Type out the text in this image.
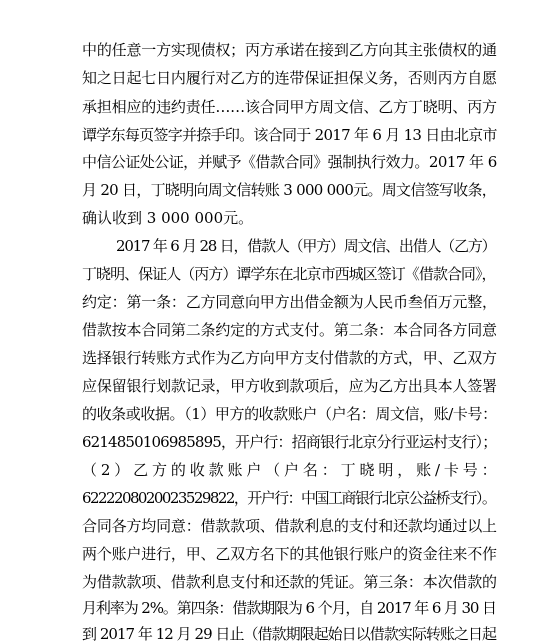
中的任意一方实现债权；丙方承诺在接到乙方向其主张债权的通
知之日起七日内履行对乙方的连带保证担保义务，否则丙方自愿
承担相应的违约责任……该合同甲方周文信、乙方丁晓明、丙方
谭学东每页签字并捺手印。该合同于 2017 年 6 月 13 日由北京市
中信公证处公证，并赋予《借款合同》强制执行效力。2017 年 6
月 20 日，丁晓明向周文信转账 3 000 000元。周文信签写收条，
确认收到 3 000 000元。
2017 年 6 月 28 日，借款人（甲方）周文信、出借人（乙方）
丁晓明、保证人（丙方）谭学东在北京市西城区签订《借款合同》，
约定：第一条：乙方同意向甲方出借金额为人民币叁佰万元整，
借款按本合同第二条约定的方式支付。第二条：本合同各方同意
选择银行转账方式作为乙方向甲方支付借款的方式，甲、乙双方
应保留银行划款记录，甲方收到款项后，应为乙方出具本人签署
的收条或收据。（1）甲方的收款账户（户名：周文信，账/卡号：
6214850106985895，开户行：招商银行北京分行亚运村支行）；
（2）乙方的收款账户（户名：丁晓明，账/卡号：
6222208020023529822，开户行：中国工商银行北京公益桥支行）。
合同各方均同意：借款款项、借款利息的支付和还款均通过以上
两个账户进行，甲、乙双方名下的其他银行账户的资金往来不作
为借款款项、借款利息支付和还款的凭证。第三条：本次借款的
月利率为 2%。第四条：借款期限为 6 个月，自 2017 年 6 月 30 日
到 2017 年 12 月 29 日止（借款期限起始日以借款实际转账之日起
